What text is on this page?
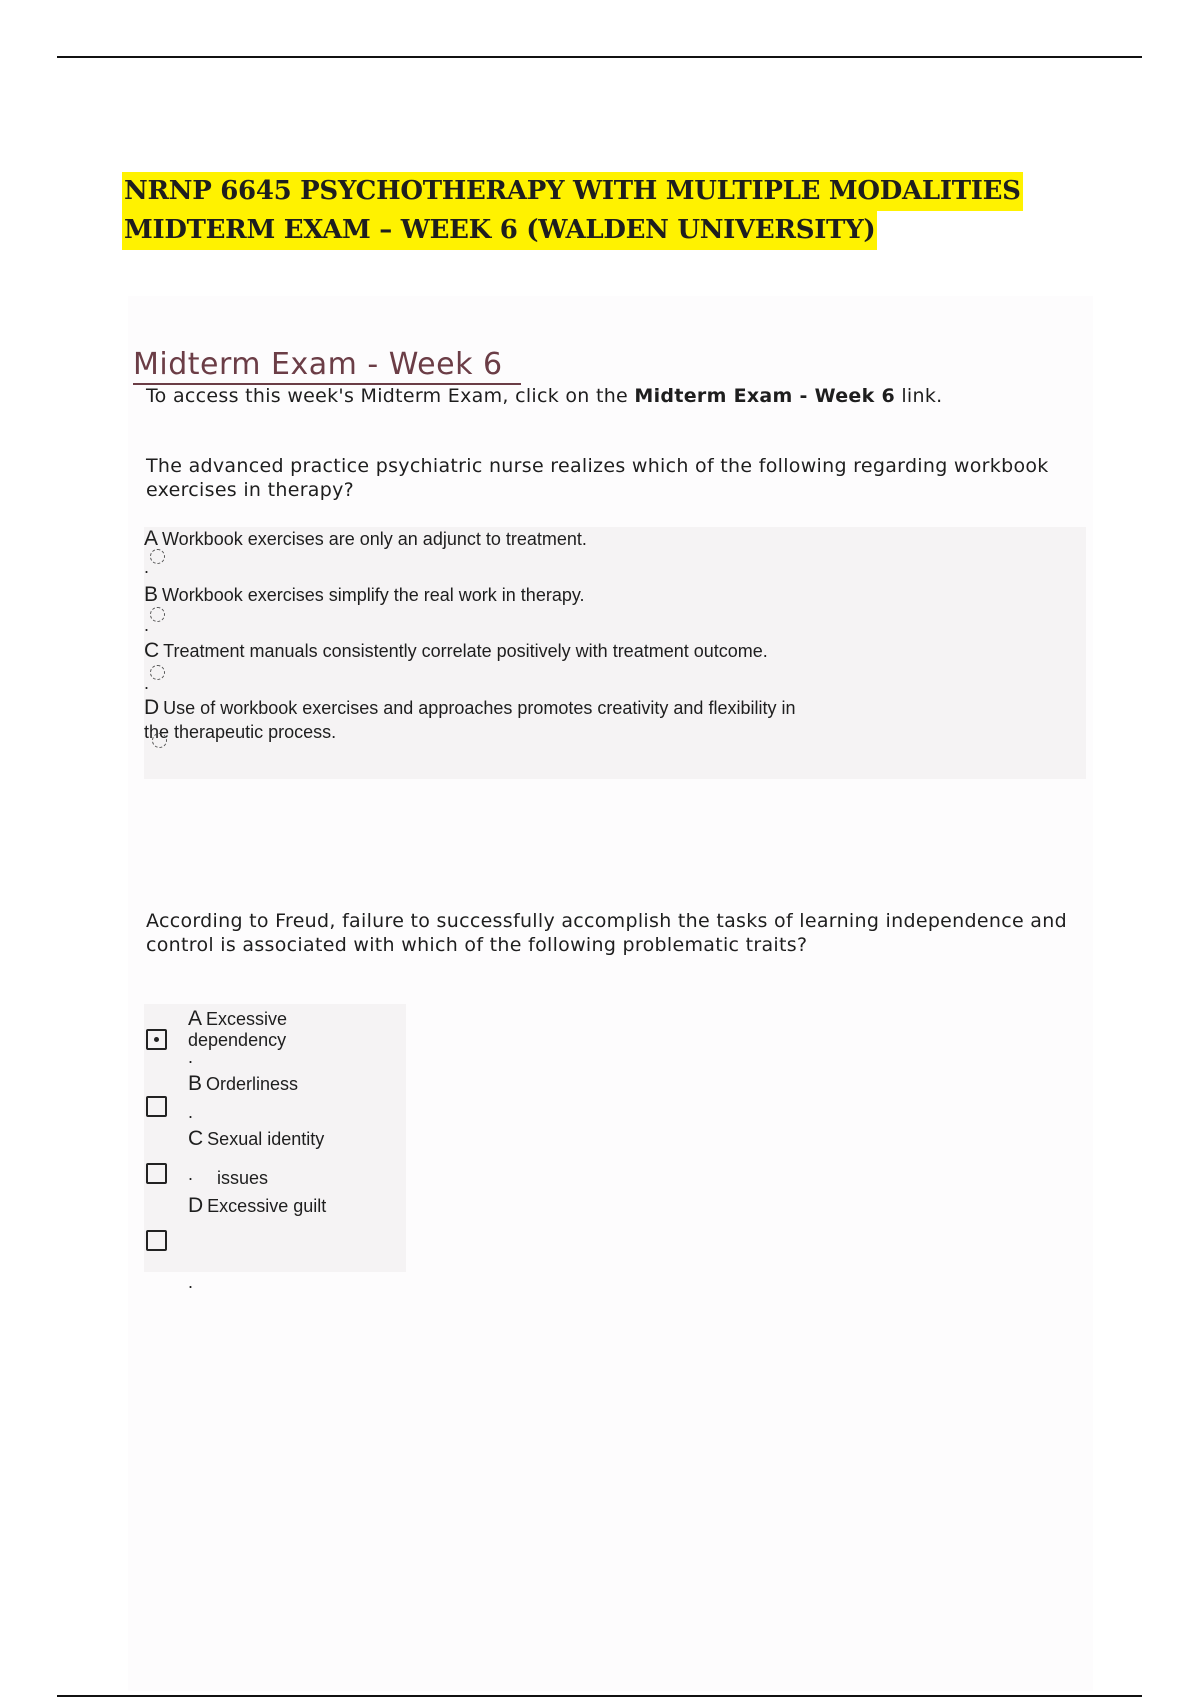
NRNP 6645 PSYCHOTHERAPY WITH MULTIPLE MODALITIES
MIDTERM EXAM – WEEK 6 (WALDEN UNIVERSITY)
Midterm Exam - Week 6

To access this week's Midterm Exam, click on the Midterm Exam - Week 6 link.

The advanced practice psychiatric nurse realizes which of the following regarding workbook exercises in therapy?

A Workbook exercises are only an adjunct to treatment.
.
B Workbook exercises simplify the real work in therapy.
.
C Treatment manuals consistently correlate positively with treatment outcome.
.
D Use of workbook exercises and approaches promotes creativity and flexibility in
the therapeutic process.

According to Freud, failure to successfully accomplish the tasks of learning independence and control is associated with which of the following problematic traits?

A Excessive
dependency
.
B Orderliness
.
C Sexual identity
. issues
D Excessive guilt
.
